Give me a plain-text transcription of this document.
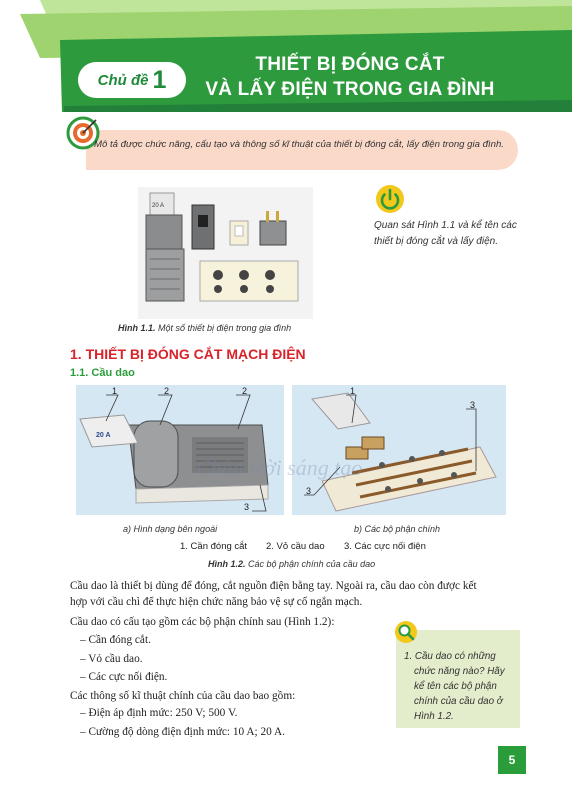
Chủ đề 1
THIẾT BỊ ĐÓNG CẮT
VÀ LẤY ĐIỆN TRONG GIA ĐÌNH
Mô tả được chức năng, cấu tạo và thông số kĩ thuật của thiết bị đóng cắt, lấy điện trong gia đình.
20 A
Hình 1.1. Một số thiết bị điện trong gia đình
Quan sát Hình 1.1 và kể tên các
thiết bị đóng cắt và lấy điện.
1. THIẾT BỊ ĐÓNG CẮT MẠCH ĐIỆN
1.1. Cầu dao
20 A
1	2	2
3
1
3
3
Chân trời sáng tạo
a) Hình dạng bên ngoài	b) Các bộ phận chính
1. Cần đóng cắt 2. Vỏ cầu dao 3. Các cực nối điện
Hình 1.2. Các bộ phận chính của cầu dao
Cầu dao là thiết bị dùng để đóng, cắt nguồn điện bằng tay. Ngoài ra, cầu dao còn được kết
hợp với cầu chì để thực hiện chức năng bảo vệ sự cố ngắn mạch.
Cầu dao có cấu tạo gồm các bộ phận chính sau (Hình 1.2):
– Cần đóng cắt.
– Vỏ cầu dao.
– Các cực nối điện.
Các thông số kĩ thuật chính của cầu dao bao gồm:
– Điện áp định mức: 250 V; 500 V.
– Cường độ dòng điện định mức: 10 A; 20 A.
1. Cầu dao có những
chức năng nào? Hãy
kể tên các bộ phận
chính của cầu dao ở
Hình 1.2.
5
